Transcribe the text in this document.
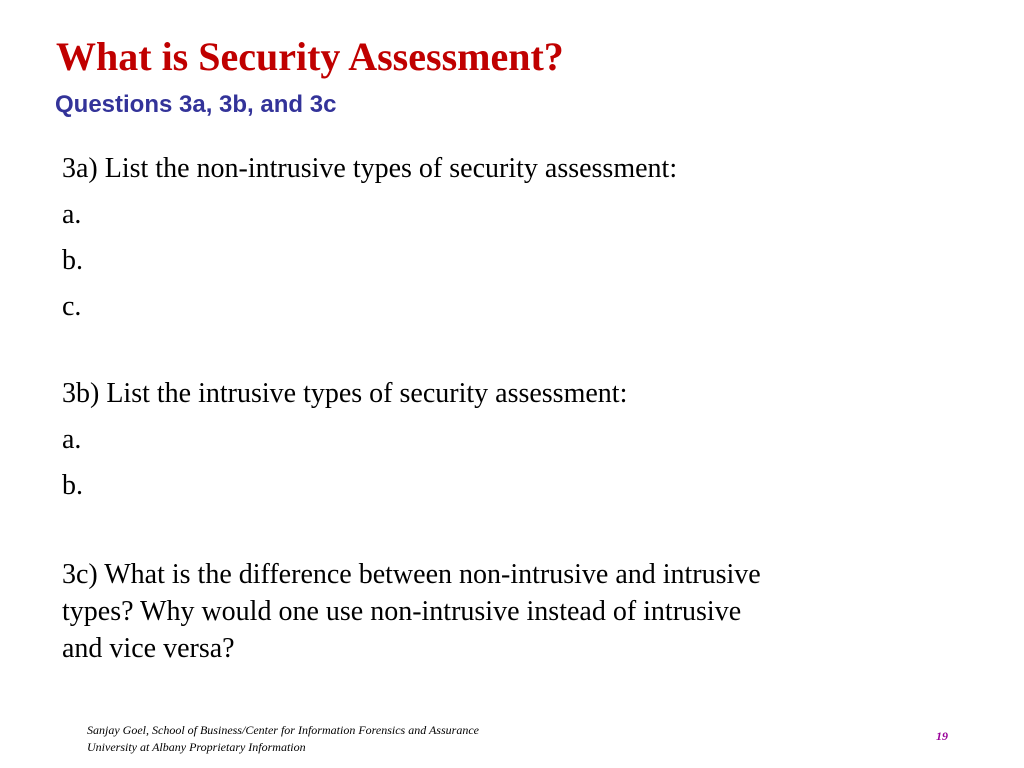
What is Security Assessment?
Questions 3a, 3b, and 3c

3a) List the non-intrusive types of security assessment:

a.

b.

c.

3b) List the intrusive types of security assessment:

a.

b.

3c) What is the difference between non-intrusive and intrusive

types? Why would one use non-intrusive instead of intrusive

and vice versa?

Sanjay Goel, School of Business/Center for Information Forensics and Assurance

University at Albany Proprietary Information

19
